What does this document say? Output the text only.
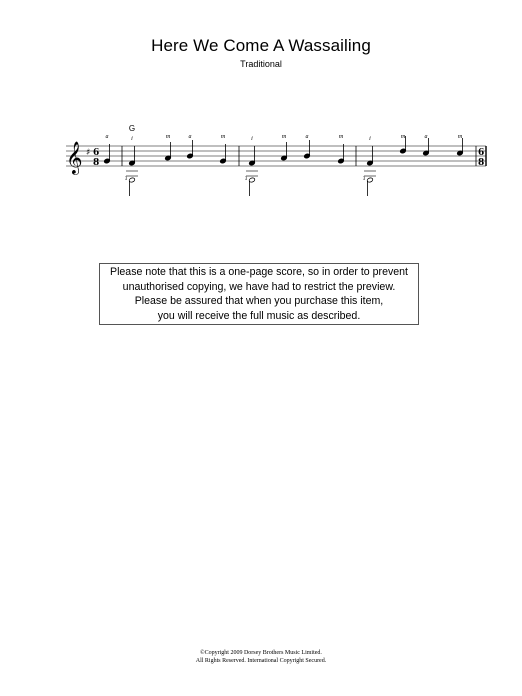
Here We Come A Wassailing
Traditional
𝄞 ♯ 6
8
6
8
G
a	i	m	a	m	i	m	a	m	i	m	a	m
3	3	3
Please note that this is a one-page score, so in order to prevent
unauthorised copying, we have had to restrict the preview.
Please be assured that when you purchase this item,
you will receive the full music as described.
©Copyright 2009 Dorsey Brothers Music Limited.
All Rights Reserved. International Copyright Secured.
